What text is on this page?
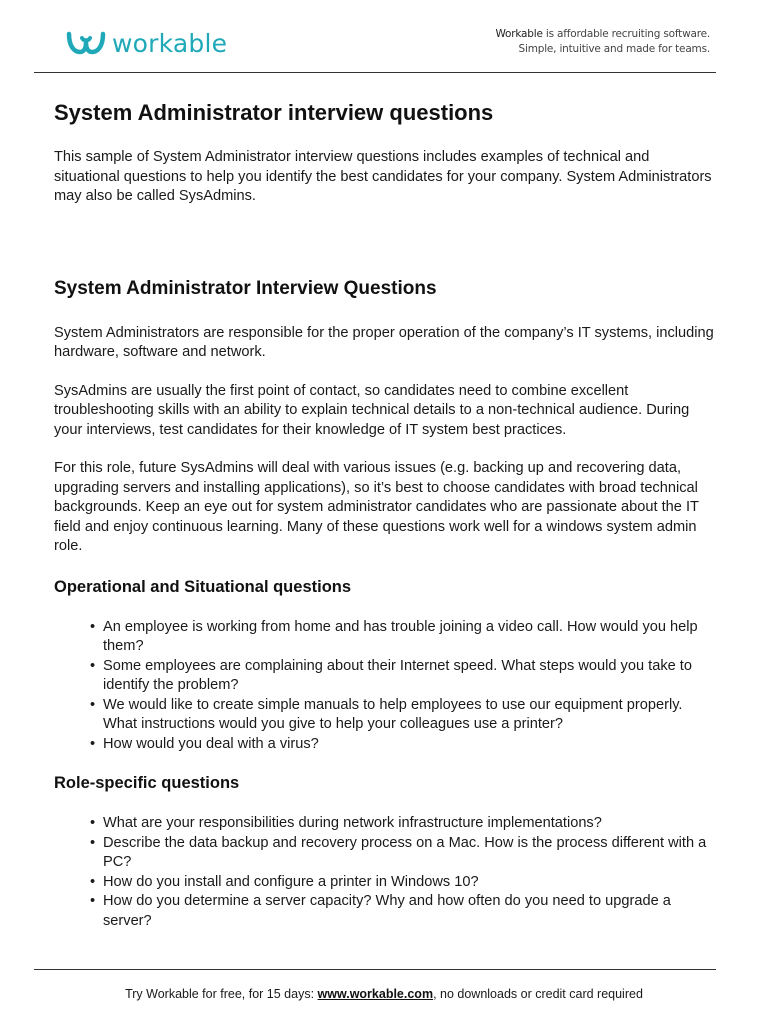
workable	Workable is affordable recruiting software.
Simple, intuitive and made for teams.
System Administrator interview questions

This sample of System Administrator interview questions includes examples of technical and situational questions to help you identify the best candidates for your company. System Administrators may also be called SysAdmins.

System Administrator Interview Questions

System Administrators are responsible for the proper operation of the company’s IT systems, including hardware, software and network.

SysAdmins are usually the first point of contact, so candidates need to combine excellent troubleshooting skills with an ability to explain technical details to a non-technical audience. During your interviews, test candidates for their knowledge of IT system best practices.

For this role, future SysAdmins will deal with various issues (e.g. backing up and recovering data, upgrading servers and installing applications), so it’s best to choose candidates with broad technical backgrounds. Keep an eye out for system administrator candidates who are passionate about the IT field and enjoy continuous learning. Many of these questions work well for a windows system admin role.

Operational and Situational questions
• An employee is working from home and has trouble joining a video call. How would you help them?
• Some employees are complaining about their Internet speed. What steps would you take to identify the problem?
• We would like to create simple manuals to help employees to use our equipment properly. What instructions would you give to help your colleagues use a printer?
• How would you deal with a virus?
Role-specific questions
• What are your responsibilities during network infrastructure implementations?
• Describe the data backup and recovery process on a Mac. How is the process different with a PC?
• How do you install and configure a printer in Windows 10?
• How do you determine a server capacity? Why and how often do you need to upgrade a server?
Try Workable for free, for 15 days: www.workable.com, no downloads or credit card required
